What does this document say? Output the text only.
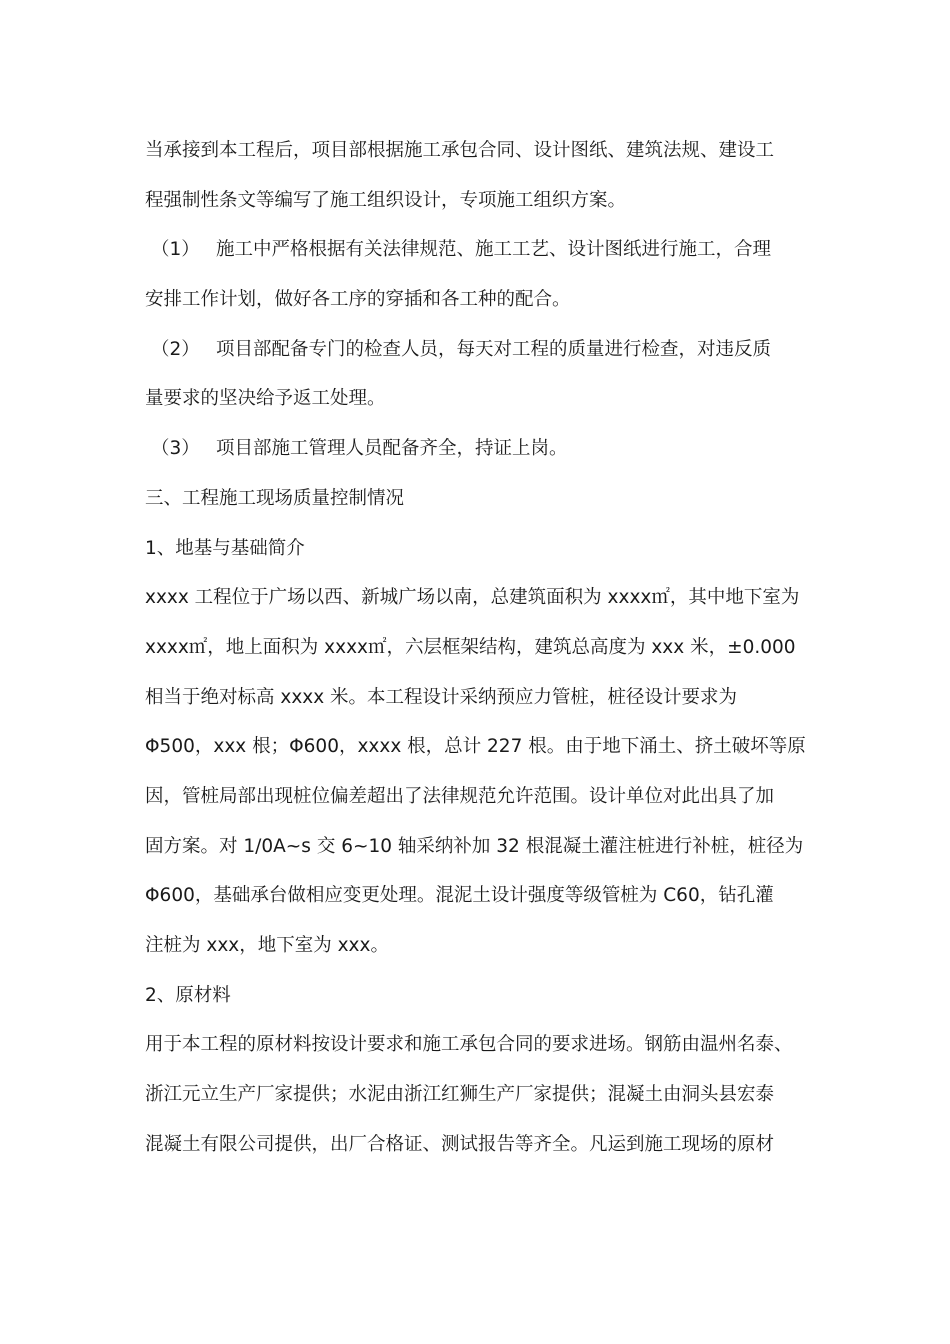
当承接到本工程后，项目部根据施工承包合同、设计图纸、建筑法规、建设工
程强制性条文等编写了施工组织设计，专项施工组织方案。
（1） 施工中严格根据有关法律规范、施工工艺、设计图纸进行施工，合理
安排工作计划，做好各工序的穿插和各工种的配合。
（2） 项目部配备专门的检查人员，每天对工程的质量进行检查，对违反质
量要求的坚决给予返工处理。
（3） 项目部施工管理人员配备齐全，持证上岗。
三、工程施工现场质量控制情况
1、地基与基础简介
xxxx 工程位于广场以西、新城广场以南，总建筑面积为 xxxx㎡，其中地下室为
xxxx㎡，地上面积为 xxxx㎡，六层框架结构，建筑总高度为 xxx 米，±0.000
相当于绝对标高 xxxx 米。本工程设计采纳预应力管桩，桩径设计要求为
Φ500，xxx 根；Φ600，xxxx 根，总计 227 根。由于地下涌土、挤土破坏等原
因，管桩局部出现桩位偏差超出了法律规范允许范围。设计单位对此出具了加
固方案。对 1/0A~s 交 6~10 轴采纳补加 32 根混凝土灌注桩进行补桩，桩径为
Φ600，基础承台做相应变更处理。混泥土设计强度等级管桩为 C60，钻孔灌
注桩为 xxx，地下室为 xxx。
2、原材料
用于本工程的原材料按设计要求和施工承包合同的要求进场。钢筋由温州名泰、
浙江元立生产厂家提供；水泥由浙江红狮生产厂家提供；混凝土由洞头县宏泰
混凝土有限公司提供，出厂合格证、测试报告等齐全。凡运到施工现场的原材
